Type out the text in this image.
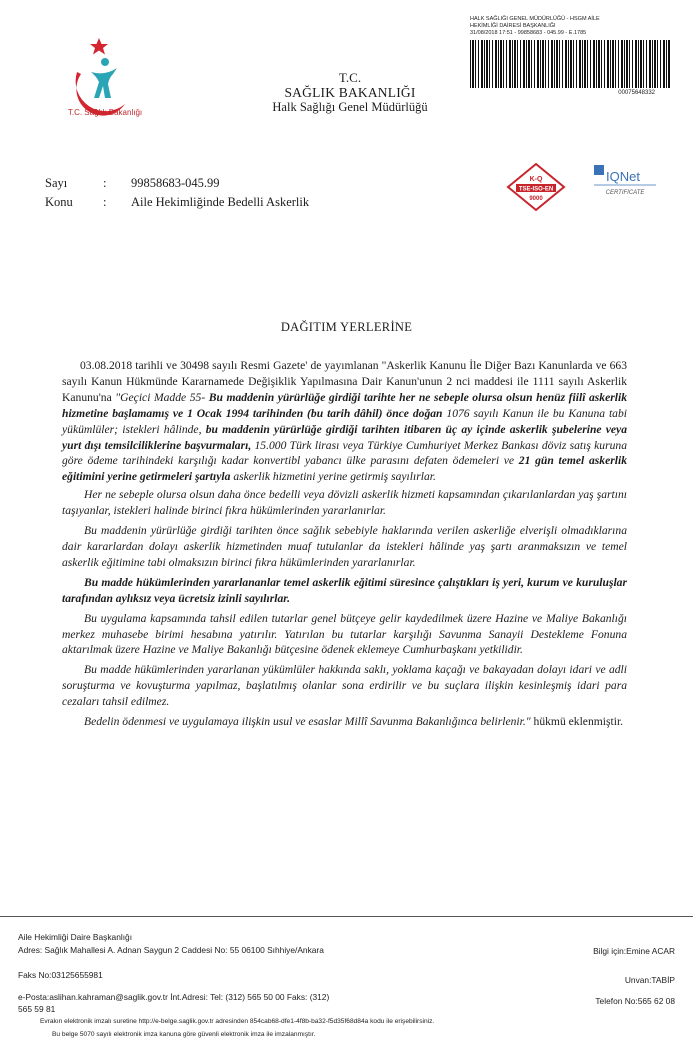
T.C. Sağlık Bakanlığı
T.C.
SAĞLIK BAKANLIĞI
Halk Sağlığı Genel Müdürlüğü
HALK SAĞLIĞI GENEL MÜDÜRLÜĞÜ - HSGM AİLE
HEKİMLİĞİ DAİRESİ BAŞKANLIĞI
31/08/2018 17:51 - 99858683 - 045.99 - E.1785
00075648332
K-Q
TSE-ISO-EN
9000
IQNet
CERTIFICATE
Sayı	: 99858683-045.99
Konu : Aile Hekimliğinde Bedelli Askerlik
DAĞITIM YERLERİNE

03.08.2018 tarihli ve 30498 sayılı Resmi Gazete' de yayımlanan "Askerlik Kanunu İle Diğer Bazı Kanunlarda ve 663 sayılı Kanun Hükmünde Kararnamede Değişiklik Yapılmasına Dair Kanun'unun 2 nci maddesi ile 1111 sayılı Askerlik Kanunu'na "Geçici Madde 55- Bu maddenin yürürlüğe girdiği tarihte her ne sebeple olursa olsun henüz fiilî askerlik hizmetine başlamamış ve 1 Ocak 1994 tarihinden (bu tarih dâhil) önce doğan 1076 sayılı Kanun ile bu Kanuna tabi yükümlüler; istekleri hâlinde, bu maddenin yürürlüğe girdiği tarihten itibaren üç ay içinde askerlik şubelerine veya yurt dışı temsilciliklerine başvurmaları, 15.000 Türk lirası veya Türkiye Cumhuriyet Merkez Bankası döviz satış kuruna göre ödeme tarihindeki karşılığı kadar konvertibl yabancı ülke parasını defaten ödemeleri ve 21 gün temel askerlik eğitimini yerine getirmeleri şartıyla askerlik hizmetini yerine getirmiş sayılırlar.

Her ne sebeple olursa olsun daha önce bedelli veya dövizli askerlik hizmeti kapsamından çıkarılanlardan yaş şartını taşıyanlar, istekleri halinde birinci fıkra hükümlerinden yararlanırlar.

Bu maddenin yürürlüğe girdiği tarihten önce sağlık sebebiyle haklarında verilen askerliğe elverişli olmadıklarına dair kararlardan dolayı askerlik hizmetinden muaf tutulanlar da istekleri hâlinde yaş şartı aranmaksızın ve temel askerlik eğitimine tabi olmaksızın birinci fıkra hükümlerinden yararlanırlar.

Bu madde hükümlerinden yararlananlar temel askerlik eğitimi süresince çalıştıkları iş yeri, kurum ve kuruluşlar tarafından aylıksız veya ücretsiz izinli sayılırlar.

Bu uygulama kapsamında tahsil edilen tutarlar genel bütçeye gelir kaydedilmek üzere Hazine ve Maliye Bakanlığı merkez muhasebe birimi hesabına yatırılır. Yatırılan bu tutarlar karşılığı Savunma Sanayii Destekleme Fonuna aktarılmak üzere Hazine ve Maliye Bakanlığı bütçesine ödenek eklemeye Cumhurbaşkanı yetkilidir.

Bu madde hükümlerinden yararlanan yükümlüler hakkında saklı, yoklama kaçağı ve bakayadan dolayı idari ve adli soruşturma ve kovuşturma yapılmaz, başlatılmış olanlar sona erdirilir ve bu suçlara ilişkin kesinleşmiş idari para cezaları tahsil edilmez.

Bedelin ödenmesi ve uygulamaya ilişkin usul ve esaslar Millî Savunma Bakanlığınca belirlenir." hükmü eklenmiştir.

Aile Hekimliği Daire Başkanlığı
Adres: Sağlık Mahallesi A. Adnan Saygun 2 Caddesi No: 55 06100 Sıhhiye/Ankara
Faks No:03125655981
e-Posta:aslihan.kahraman@saglik.gov.tr İnt.Adresi: Tel: (312) 565 50 00 Faks: (312)
565 59 81
Bilgi için:Emine ACAR
Unvan:TABİP
Telefon No:565 62 08
Evrakın elektronik imzalı suretine http://e-belge.saglik.gov.tr adresinden 854cab68-dfe1-4f8b-ba32-f5d35f68d84a kodu ile erişebilirsiniz.
Bu belge 5070 sayılı elektronik imza kanuna göre güvenli elektronik imza ile imzalanmıştır.
